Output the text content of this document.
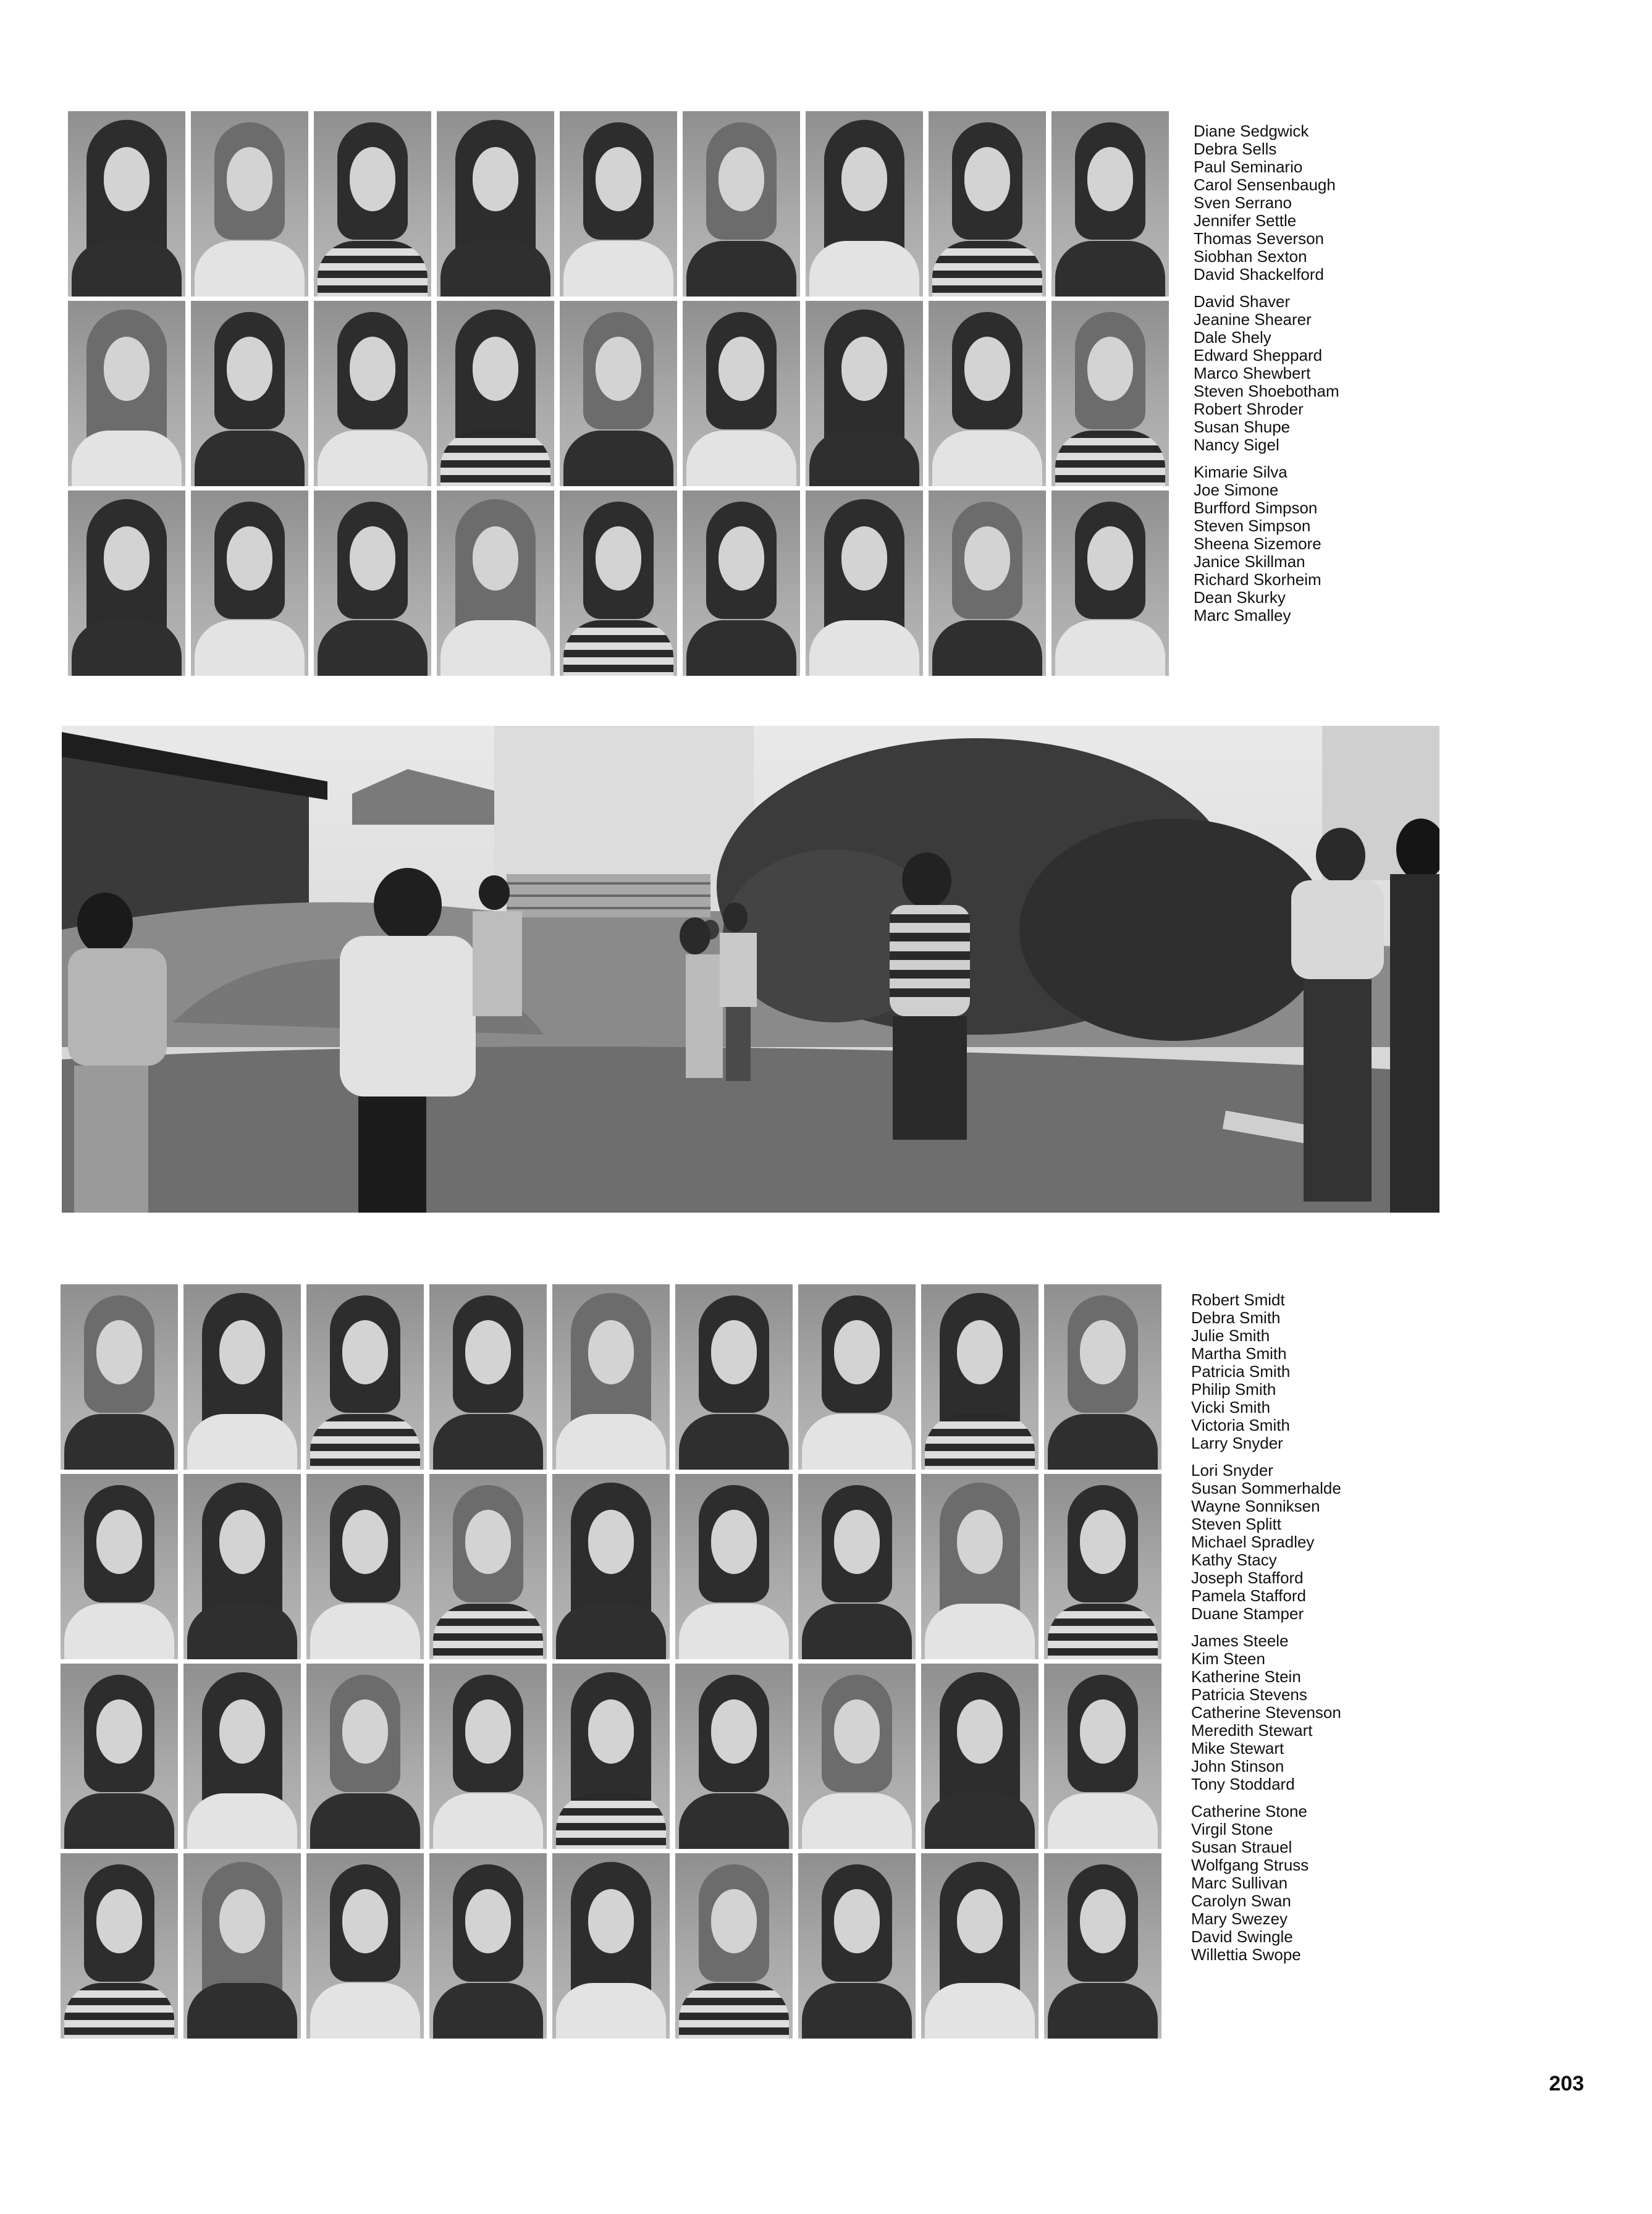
Diane Sedgwick
Debra Sells
Paul Seminario
Carol Sensenbaugh
Sven Serrano
Jennifer Settle
Thomas Severson
Siobhan Sexton
David Shackelford
David Shaver
Jeanine Shearer
Dale Shely
Edward Sheppard
Marco Shewbert
Steven Shoebotham
Robert Shroder
Susan Shupe
Nancy Sigel
Kimarie Silva
Joe Simone
Burfford Simpson
Steven Simpson
Sheena Sizemore
Janice Skillman
Richard Skorheim
Dean Skurky
Marc Smalley
Robert Smidt
Debra Smith
Julie Smith
Martha Smith
Patricia Smith
Philip Smith
Vicki Smith
Victoria Smith
Larry Snyder
Lori Snyder
Susan Sommerhalde
Wayne Sonniksen
Steven Splitt
Michael Spradley
Kathy Stacy
Joseph Stafford
Pamela Stafford
Duane Stamper
James Steele
Kim Steen
Katherine Stein
Patricia Stevens
Catherine Stevenson
Meredith Stewart
Mike Stewart
John Stinson
Tony Stoddard
Catherine Stone
Virgil Stone
Susan Strauel
Wolfgang Struss
Marc Sullivan
Carolyn Swan
Mary Swezey
David Swingle
Willettia Swope
203
